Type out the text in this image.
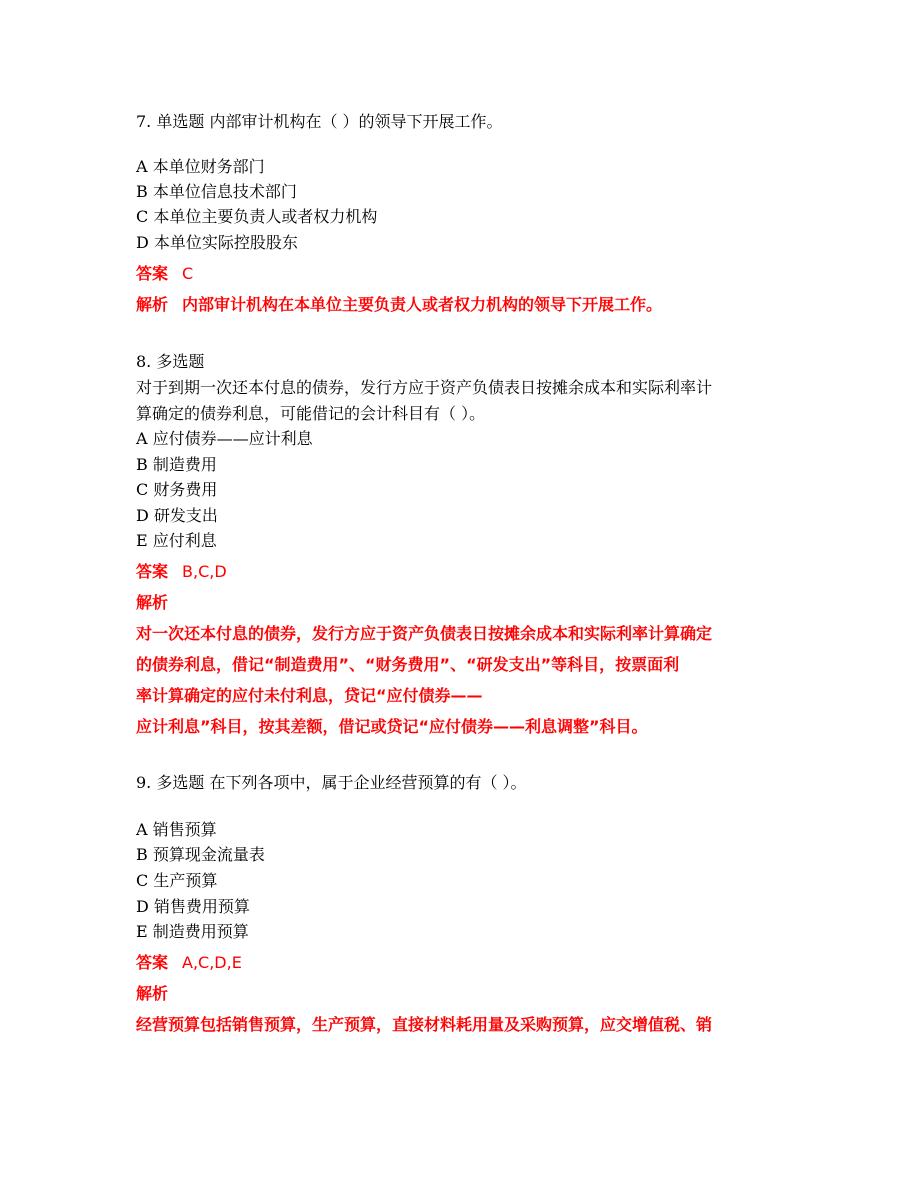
7. 单选题 内部审计机构在（ ）的领导下开展工作。
A 本单位财务部门
B 本单位信息技术部门
C 本单位主要负责人或者权力机构
D 本单位实际控股股东
答案 C
解析 内部审计机构在本单位主要负责人或者权力机构的领导下开展工作。
8. 多选题
对于到期一次还本付息的债券，发行方应于资产负债表日按摊余成本和实际利率计
算确定的债券利息，可能借记的会计科目有（ ）。
A 应付债券——应计利息
B 制造费用
C 财务费用
D 研发支出
E 应付利息
答案 B,C,D
解析
对一次还本付息的债券，发行方应于资产负债表日按摊余成本和实际利率计算确定
的债券利息，借记“制造费用”、“财务费用”、“研发支出”等科目，按票面利
率计算确定的应付未付利息，贷记“应付债券——
应计利息”科目，按其差额，借记或贷记“应付债券——利息调整”科目。
9. 多选题 在下列各项中，属于企业经营预算的有（ ）。
A 销售预算
B 预算现金流量表
C 生产预算
D 销售费用预算
E 制造费用预算
答案 A,C,D,E
解析
经营预算包括销售预算，生产预算，直接材料耗用量及采购预算，应交增值税、销
